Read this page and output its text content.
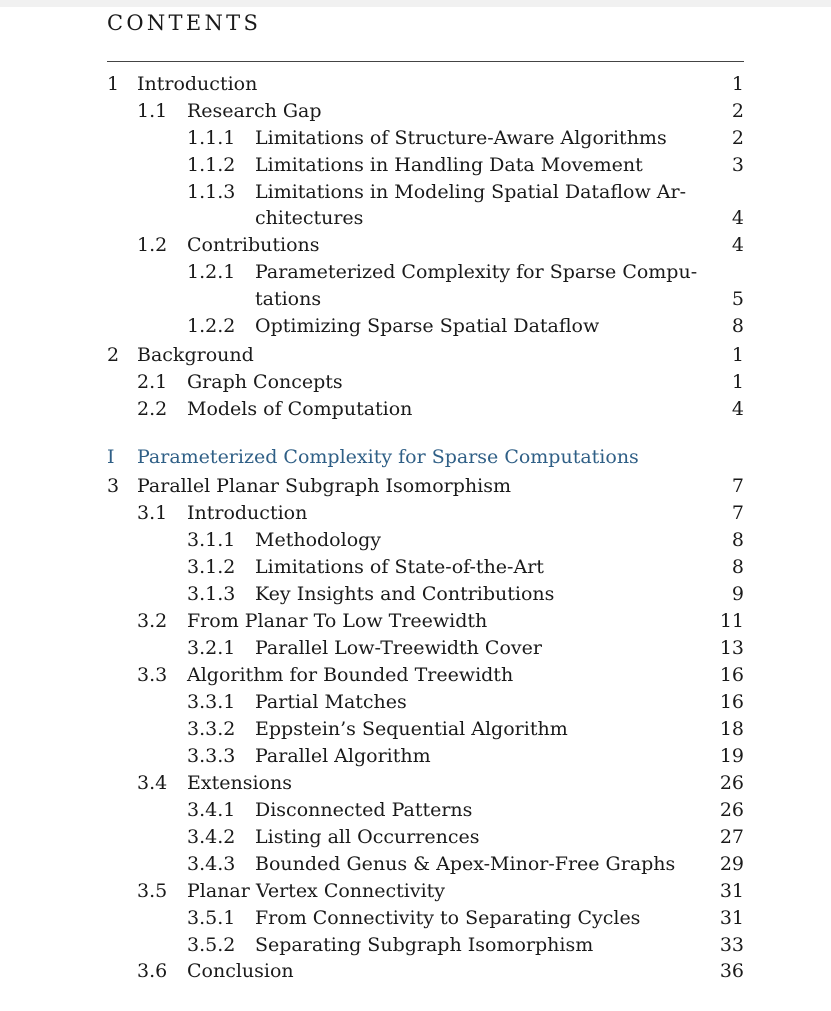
CONTENTS
1 Introduction	1
1.1 Research Gap	2
1.1.1 Limitations of Structure-Aware Algorithms	2
1.1.2 Limitations in Handling Data Movement	3
1.1.3 Limitations in Modeling Spatial Dataflow Ar-
chitectures	4
1.2 Contributions	4
1.2.1 Parameterized Complexity for Sparse Compu-
tations	5
1.2.2 Optimizing Sparse Spatial Dataflow	8
2 Background	1
2.1 Graph Concepts	1
2.2 Models of Computation	4
I Parameterized Complexity for Sparse Computations
3 Parallel Planar Subgraph Isomorphism	7
3.1 Introduction	7
3.1.1 Methodology	8
3.1.2 Limitations of State-of-the-Art	8
3.1.3 Key Insights and Contributions	9
3.2 From Planar To Low Treewidth	11
3.2.1 Parallel Low-Treewidth Cover	13
3.3 Algorithm for Bounded Treewidth	16
3.3.1 Partial Matches	16
3.3.2 Eppstein’s Sequential Algorithm	18
3.3.3 Parallel Algorithm	19
3.4 Extensions	26
3.4.1 Disconnected Patterns	26
3.4.2 Listing all Occurrences	27
3.4.3 Bounded Genus & Apex-Minor-Free Graphs 29
3.5 Planar Vertex Connectivity	31
3.5.1 From Connectivity to Separating Cycles	31
3.5.2 Separating Subgraph Isomorphism	33
3.6 Conclusion	36
